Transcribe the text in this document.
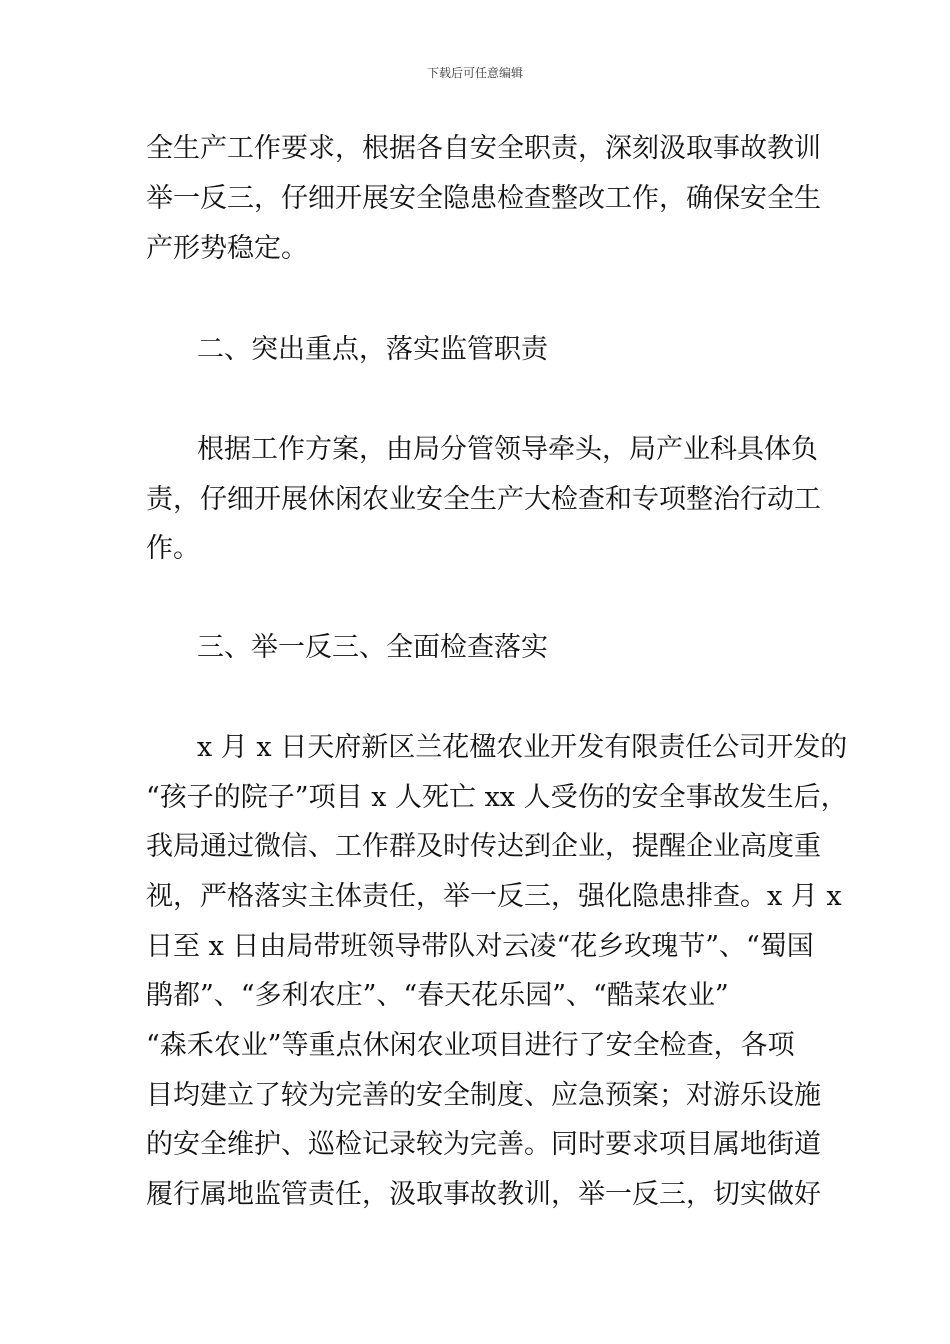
下载后可任意编辑
全生产工作要求，根据各自安全职责，深刻汲取事故教训
举一反三，仔细开展安全隐患检查整改工作，确保安全生
产形势稳定。
二、突出重点，落实监管职责
根据工作方案，由局分管领导牵头，局产业科具体负
责，仔细开展休闲农业安全生产大检查和专项整治行动工
作。
三、举一反三、全面检查落实
x 月 x 日天府新区兰花楹农业开发有限责任公司开发的
“孩子的院子”项目 x 人死亡 xx 人受伤的安全事故发生后，
我局通过微信、工作群及时传达到企业，提醒企业高度重
视，严格落实主体责任，举一反三，强化隐患排查。x 月 x
日至 x 日由局带班领导带队对云凌“花乡玫瑰节”、“蜀国
鹃都”、“多利农庄”、“春天花乐园”、“酷菜农业”
“森禾农业”等重点休闲农业项目进行了安全检查，各项
目均建立了较为完善的安全制度、应急预案；对游乐设施
的安全维护、巡检记录较为完善。同时要求项目属地街道
履行属地监管责任，汲取事故教训，举一反三，切实做好
